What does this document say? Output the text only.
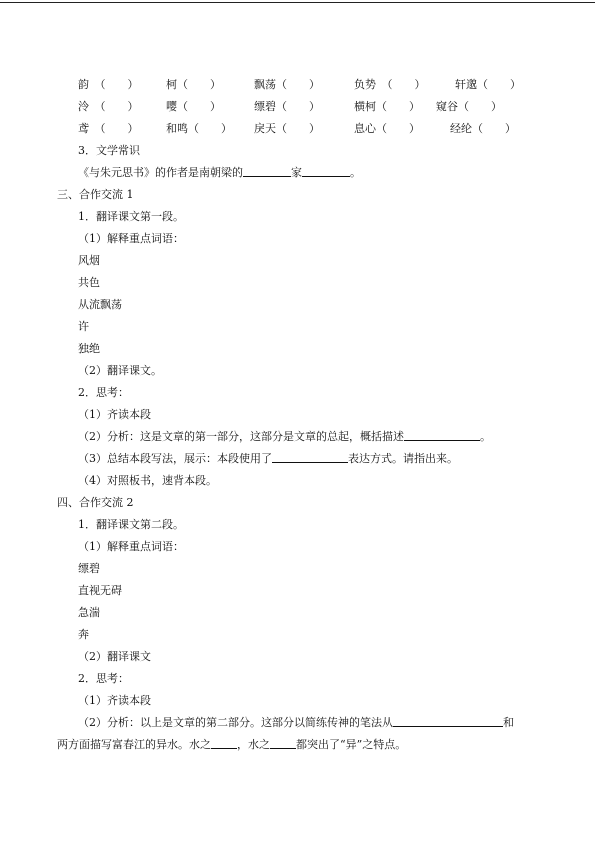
韵　（　　）	柯（　　）	飘荡（　　）	负势　（　　）	轩邈（　　）
泠　（　　）	嘤（　　）	缥碧（　　）	横柯（　　） 窥谷（　　）
鸢　（　　）	和鸣（　　） 戾天（　　）	息心（　　）	经纶（　　）
3．文学常识
《与朱元思书》的作者是南朝梁的	家	。
三、合作交流 1
1．翻译课文第一段。
（1）解释重点词语：
风烟
共色
从流飘荡
许
独绝
（2）翻译课文。
2．思考：
（1）齐读本段
（2）分析：这是文章的第一部分，这部分是文章的总起，概括描述	。
（3）总结本段写法，展示：本段使用了	表达方式。请指出来。
（4）对照板书，速背本段。
四、合作交流 2
1．翻译课文第二段。
（1）解释重点词语：
缥碧
直视无碍
急湍
奔
（2）翻译课文
2．思考：
（1）齐读本段
（2）分析：以上是文章的第二部分。这部分以简练传神的笔法从	和
两方面描写富春江的异水。水之 ，水之 都突出了“异”之特点。
